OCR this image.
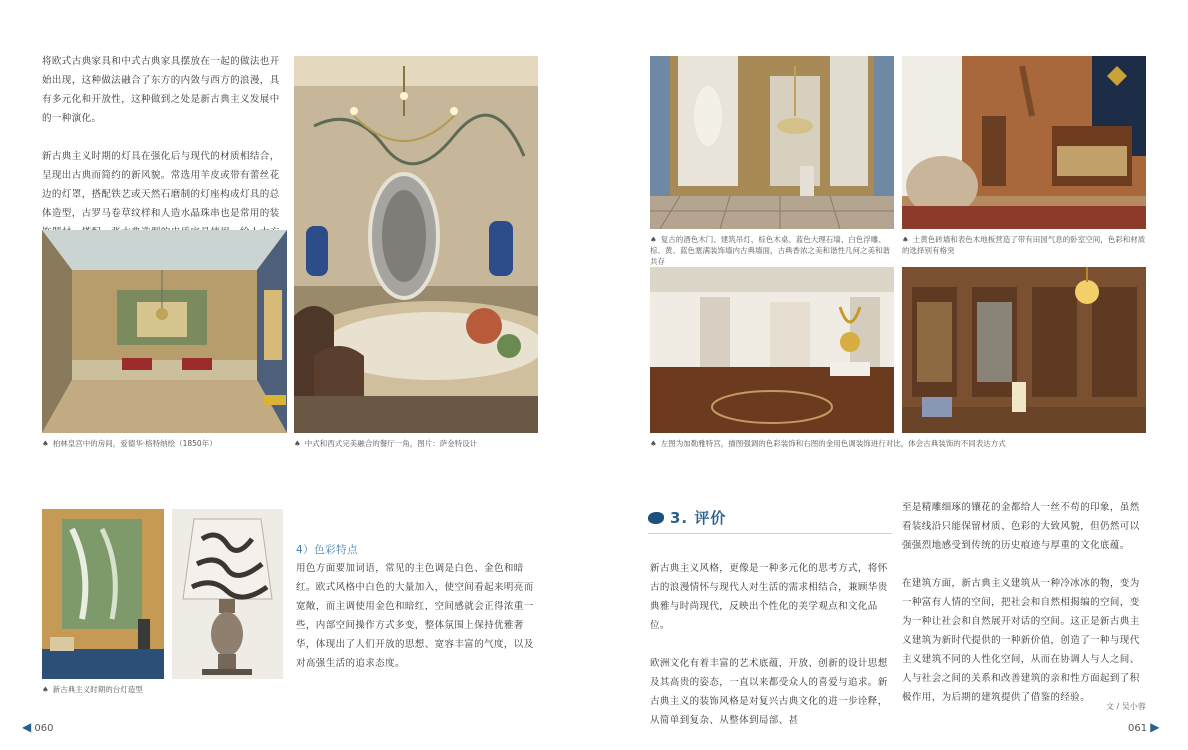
将欧式古典家具和中式古典家具摆放在一起的做法也开始出现，这种做法融合了东方的内敛与西方的浪漫，具有多元化和开放性，这种做到之处是新古典主义发展中的一种演化。

新古典主义时期的灯具在强化后与现代的材质相结合，呈现出古典而简约的新风貌。常选用羊皮或带有蕾丝花边的灯罩，搭配铁艺或天然石磨制的灯座构成灯具的总体造型，古罗马卷草纹样和人造水晶珠串也是常用的装

♠ 柏林皇宫中的房间，爱德华·格特纳绘（1850年）	♠ 中式和西式完美融合的餐厅一角，图片：萨金特设计
♠ 新古典主义时期的台灯造型
4）色彩特点

用色方面要加词语，常见的主色调是白色、金色和暗红。欧式风格中白色的大量加入，使空间看起来明亮而宽敞，而主调使用金色和暗红，空间感就会正得浓重一些，内部空间操作方式多变，整体氛围上保持优雅奢华，体现出了人们开放的思想、宽容丰富的气度，以及对高强生活的追求态度。

◀ 060
♠ 复古的酒色木门、建筑吊灯、棕色木桌、蓝色大理石墙、白色浮雕、棕、黄、蓝色塞满装饰墙内古典墙面，古典香浓之美和谐性几何之美和谐共存
♠ 土黄色砖墙和表色木地板营造了带有田园气息的卧室空间，色彩和材质的选择别有格突
♠ 左图为加勒雅特宫，描图强调的色彩装饰和右图的金用色调装饰进行对比，体会古典装饰的不同表达方式
3. 评价

新古典主义风格，更像是一种多元化的思考方式，将怀古的浪漫情怀与现代人对生活的需求相结合，兼顾华贵典雅与时尚现代，反映出个性化的美学观点和文化品位。

欧洲文化有着丰富的艺术底蕴，开放、创新的设计思想及其高贵的姿态，一直以来都受众人的喜爱与追求。新古典主义的装饰风格是对复兴古典文化的进一步诠释，从简单到复杂、从整体到局部、甚

至是精雕细琢的镶花的金都给人一丝不苟的印象，虽然看装线沿只能保留材质、色彩的大致风貌，但仍然可以强强烈地感受到传统的历史痕迹与厚重的文化底蕴。

在建筑方面，新古典主义建筑从一种冷冰冰的物，变为一种富有人情的空间，把社会和自然相揭编的空间，变为一种让社会和自然展开对话的空间。这正是新古典主义建筑为新时代提供的一种新价值，创造了一种与现代主义建筑不同的人性化空间，从而在协调人与人之间、人与社会之间的关系和改善建筑的亲和性方面起到了积极作用，为后期的建筑提供了借鉴的经验。

文 / 吴小蓉
061 ▶
